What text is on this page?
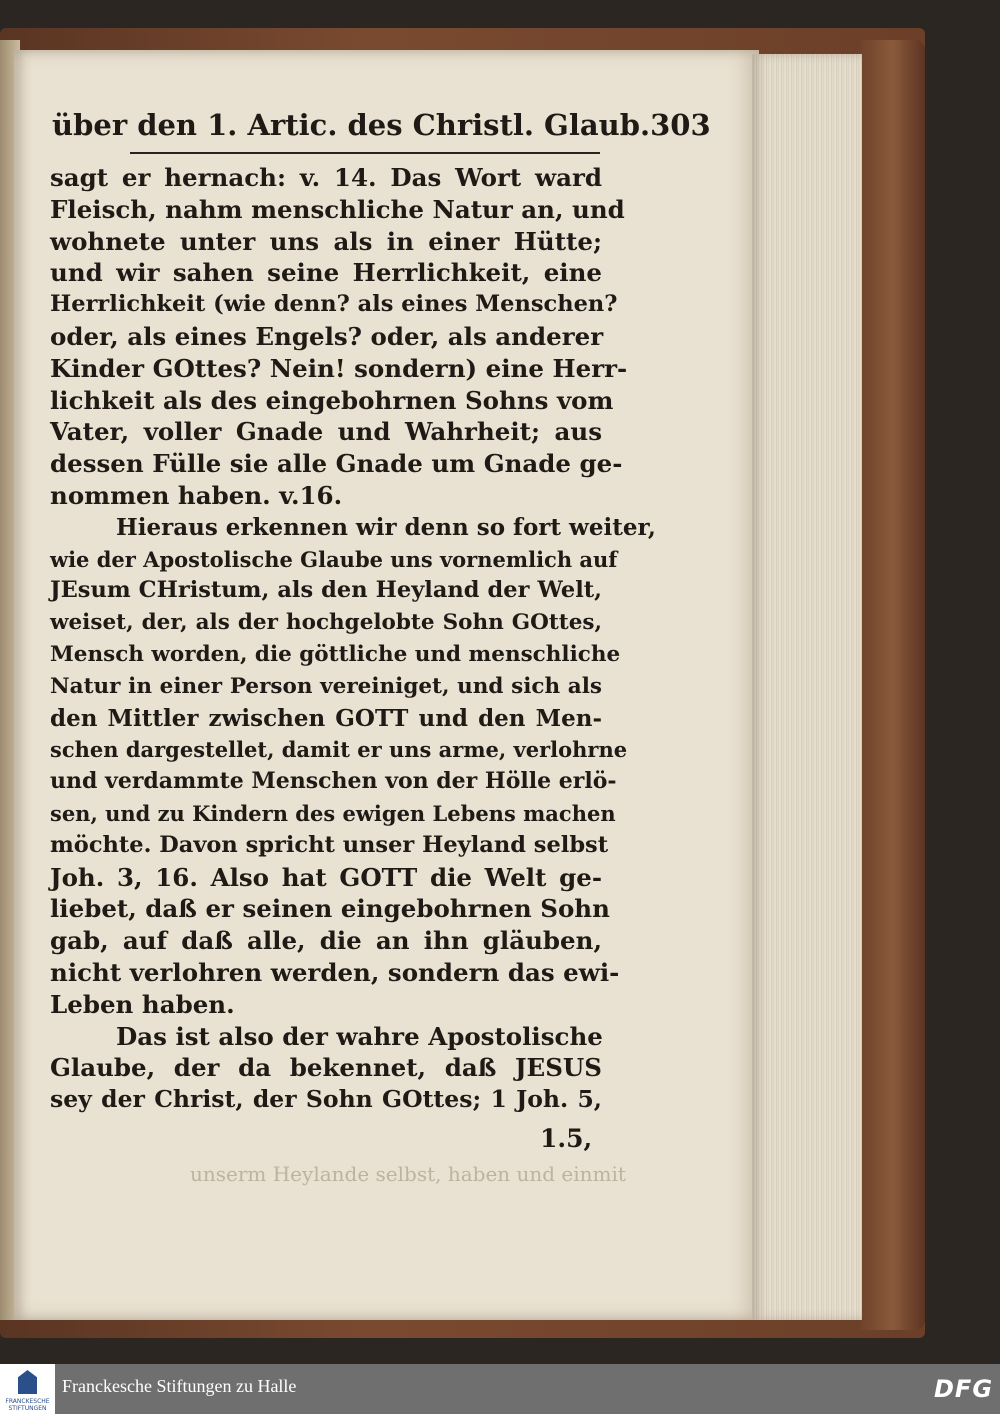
über den 1. Artic. des Christl. Glaub. 303
sagt er hernach: v. 14. Das Wort ward
Fleisch, nahm menschliche Natur an, und
wohnete unter uns als in einer Hütte;
und wir sahen seine Herrlichkeit, eine
Herrlichkeit (wie denn? als eines Menschen?
oder, als eines Engels? oder, als anderer
Kinder GOttes? Nein! sondern) eine Herr-
lichkeit als des eingebohrnen Sohns vom
Vater, voller Gnade und Wahrheit; aus
dessen Fülle sie alle Gnade um Gnade ge-
nommen haben. v.16.
Hieraus erkennen wir denn so fort weiter,
wie der Apostolische Glaube uns vornemlich auf
JEsum CHristum, als den Heyland der Welt,
weiset, der, als der hochgelobte Sohn GOttes,
Mensch worden, die göttliche und menschliche
Natur in einer Person vereiniget, und sich als
den Mittler zwischen GOTT und den Men-
schen dargestellet, damit er uns arme, verlohrne
und verdammte Menschen von der Hölle erlö-
sen, und zu Kindern des ewigen Lebens machen
möchte. Davon spricht unser Heyland selbst
Joh. 3, 16. Also hat GOTT die Welt ge-
liebet, daß er seinen eingebohrnen Sohn
gab, auf daß alle, die an ihn gläuben,
nicht verlohren werden, sondern das ewi-
Leben haben.
Das ist also der wahre Apostolische
Glaube, der da bekennet, daß JESUS
sey der Christ, der Sohn GOttes; 1 Joh. 5,
1.5,
unserm Heylande selbst, haben und einmit
FRANCKESCHE STIFTUNGEN
Franckesche Stiftungen zu Halle	DFG
